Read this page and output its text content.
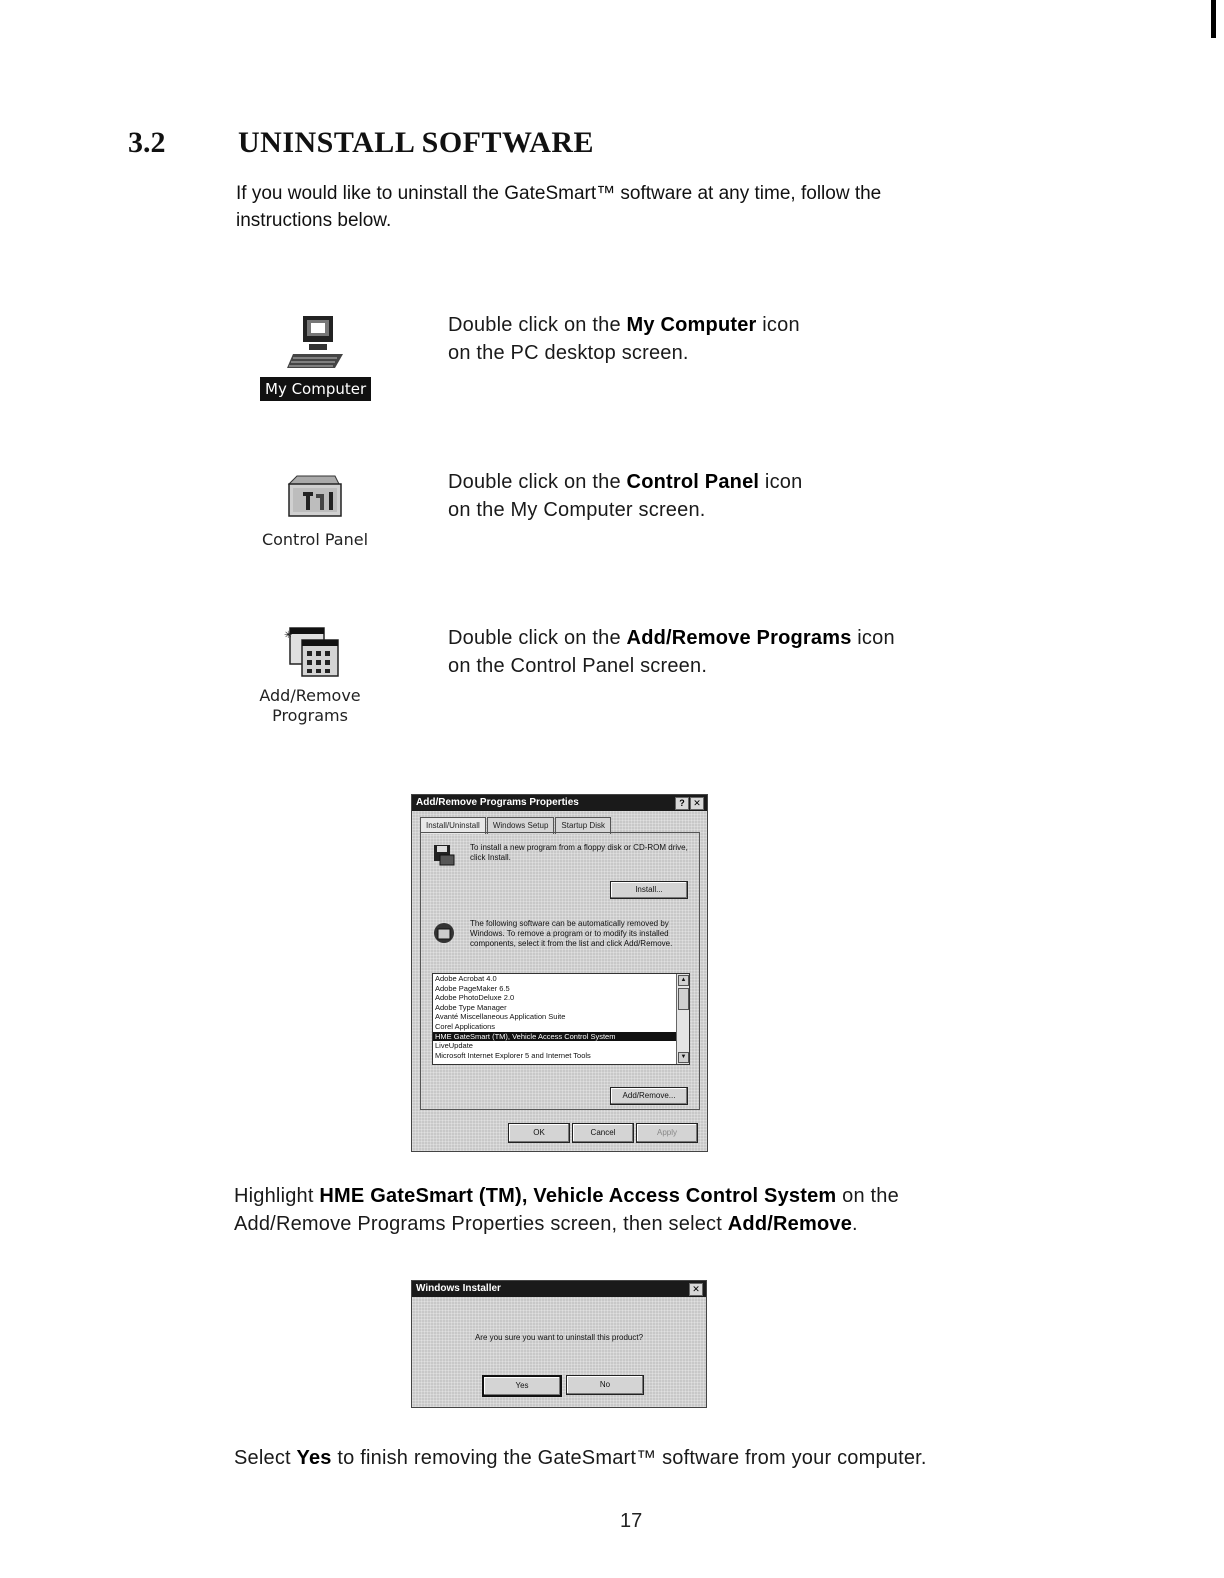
3.2 UNINSTALL SOFTWARE
If you would like to uninstall the GateSmart™ software at any time, follow the instructions below.
My Computer
Double click on the My Computer icon
on the PC desktop screen.
Control Panel
Double click on the Control Panel icon
on the My Computer screen.
✳
Add/Remove
Programs
Double click on the Add/Remove Programs icon
on the Control Panel screen.
Add/Remove Programs Properties	? ✕
Install/Uninstall	Windows Setup	Startup Disk
To install a new program from a floppy disk or CD-ROM drive, click Install.
Install...
The following software can be automatically removed by Windows. To remove a program or to modify its installed components, select it from the list and click Add/Remove.
Adobe Acrobat 4.0
Adobe PageMaker 6.5
Adobe PhotoDeluxe 2.0
Adobe Type Manager
Avanté Miscellaneous Application Suite
Corel Applications
HME GateSmart (TM), Vehicle Access Control System
LiveUpdate
Microsoft Internet Explorer 5 and Internet Tools
▲
▼
Add/Remove...
OK	Cancel	Apply
Highlight HME GateSmart (TM), Vehicle Access Control System on the
Add/Remove Programs Properties screen, then select Add/Remove.
Windows Installer	✕
Are you sure you want to uninstall this product?
Yes	No
Select Yes to finish removing the GateSmart™ software from your computer.
17
